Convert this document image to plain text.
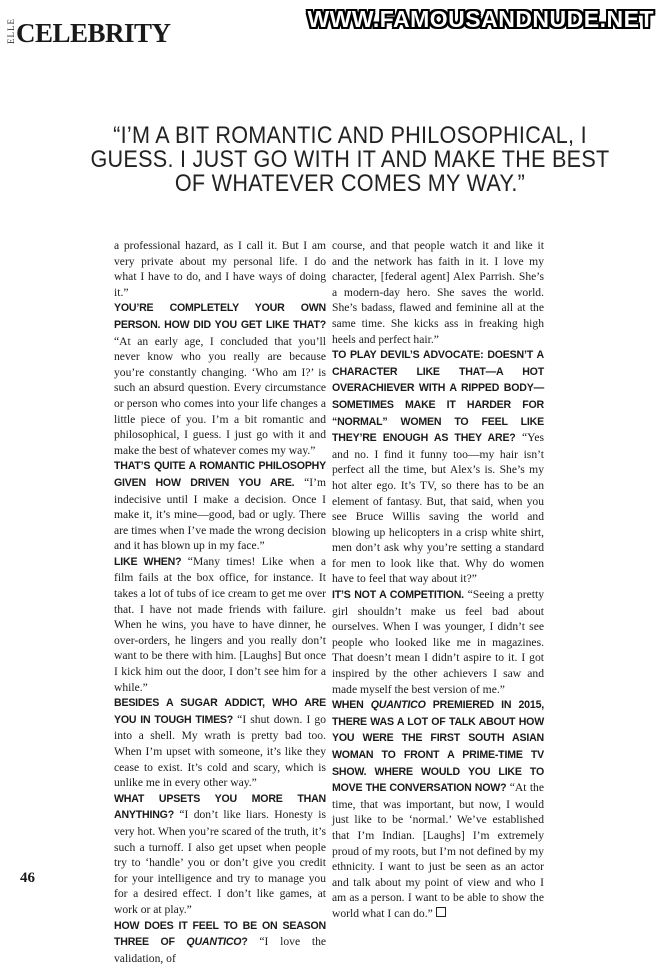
ELLE CELEBRITY	WWW.FAMOUSANDNUDE.NET
“I’M A BIT ROMANTIC AND PHILOSOPHICAL, I GUESS. I JUST GO WITH IT AND MAKE THE BEST OF WHATEVER COMES MY WAY.”

a professional hazard, as I call it. But I am very private about my personal life. I do what I have to do, and I have ways of doing it.”

YOU’RE COMPLETELY YOUR OWN PERSON. HOW DID YOU GET LIKE THAT? “At an early age, I concluded that you’ll never know who you really are because you’re constantly changing. ‘Who am I?’ is such an absurd question. Every circumstance or person who comes into your life changes a little piece of you. I’m a bit romantic and philosophical, I guess. I just go with it and make the best of whatever comes my way.”

THAT’S QUITE A ROMANTIC PHILOSOPHY GIVEN HOW DRIVEN YOU ARE. “I’m indecisive until I make a decision. Once I make it, it’s mine—good, bad or ugly. There are times when I’ve made the wrong decision and it has blown up in my face.”

LIKE WHEN? “Many times! Like when a film fails at the box office, for instance. It takes a lot of tubs of ice cream to get me over that. I have not made friends with failure. When he wins, you have to have dinner, he over-orders, he lingers and you really don’t want to be there with him. [Laughs] But once I kick him out the door, I don’t see him for a while.”

BESIDES A SUGAR ADDICT, WHO ARE YOU IN TOUGH TIMES? “I shut down. I go into a shell. My wrath is pretty bad too. When I’m upset with someone, it’s like they cease to exist. It’s cold and scary, which is unlike me in every other way.”

WHAT UPSETS YOU MORE THAN ANYTHING? “I don’t like liars. Honesty is very hot. When you’re scared of the truth, it’s such a turnoff. I also get upset when people try to ‘handle’ you or don’t give you credit for your intelligence and try to manage you for a desired effect. I don’t like games, at work or at play.”

HOW DOES IT FEEL TO BE ON SEASON THREE OF QUANTICO? “I love the validation, of

course, and that people watch it and like it and the network has faith in it. I love my character, [federal agent] Alex Parrish. She’s a modern-day hero. She saves the world. She’s badass, flawed and feminine all at the same time. She kicks ass in freaking high heels and perfect hair.”

TO PLAY DEVIL’S ADVOCATE: DOESN’T A CHARACTER LIKE THAT—A HOT OVERACHIEVER WITH A RIPPED BODY—SOMETIMES MAKE IT HARDER FOR “NORMAL” WOMEN TO FEEL LIKE THEY’RE ENOUGH AS THEY ARE? “Yes and no. I find it funny too—my hair isn’t perfect all the time, but Alex’s is. She’s my hot alter ego. It’s TV, so there has to be an element of fantasy. But, that said, when you see Bruce Willis saving the world and blowing up helicopters in a crisp white shirt, men don’t ask why you’re setting a standard for men to look like that. Why do women have to feel that way about it?”

IT’S NOT A COMPETITION. “Seeing a pretty girl shouldn’t make us feel bad about ourselves. When I was younger, I didn’t see people who looked like me in magazines. That doesn’t mean I didn’t aspire to it. I got inspired by the other achievers I saw and made myself the best version of me.”

WHEN QUANTICO PREMIERED IN 2015, THERE WAS A LOT OF TALK ABOUT HOW YOU WERE THE FIRST SOUTH ASIAN WOMAN TO FRONT A PRIME-TIME TV SHOW. WHERE WOULD YOU LIKE TO MOVE THE CONVERSATION NOW? “At the time, that was important, but now, I would just like to be ‘normal.’ We’ve established that I’m Indian. [Laughs] I’m extremely proud of my roots, but I’m not defined by my ethnicity. I want to just be seen as an actor and talk about my point of view and who I am as a person. I want to be able to show the world what I can do.”

46
